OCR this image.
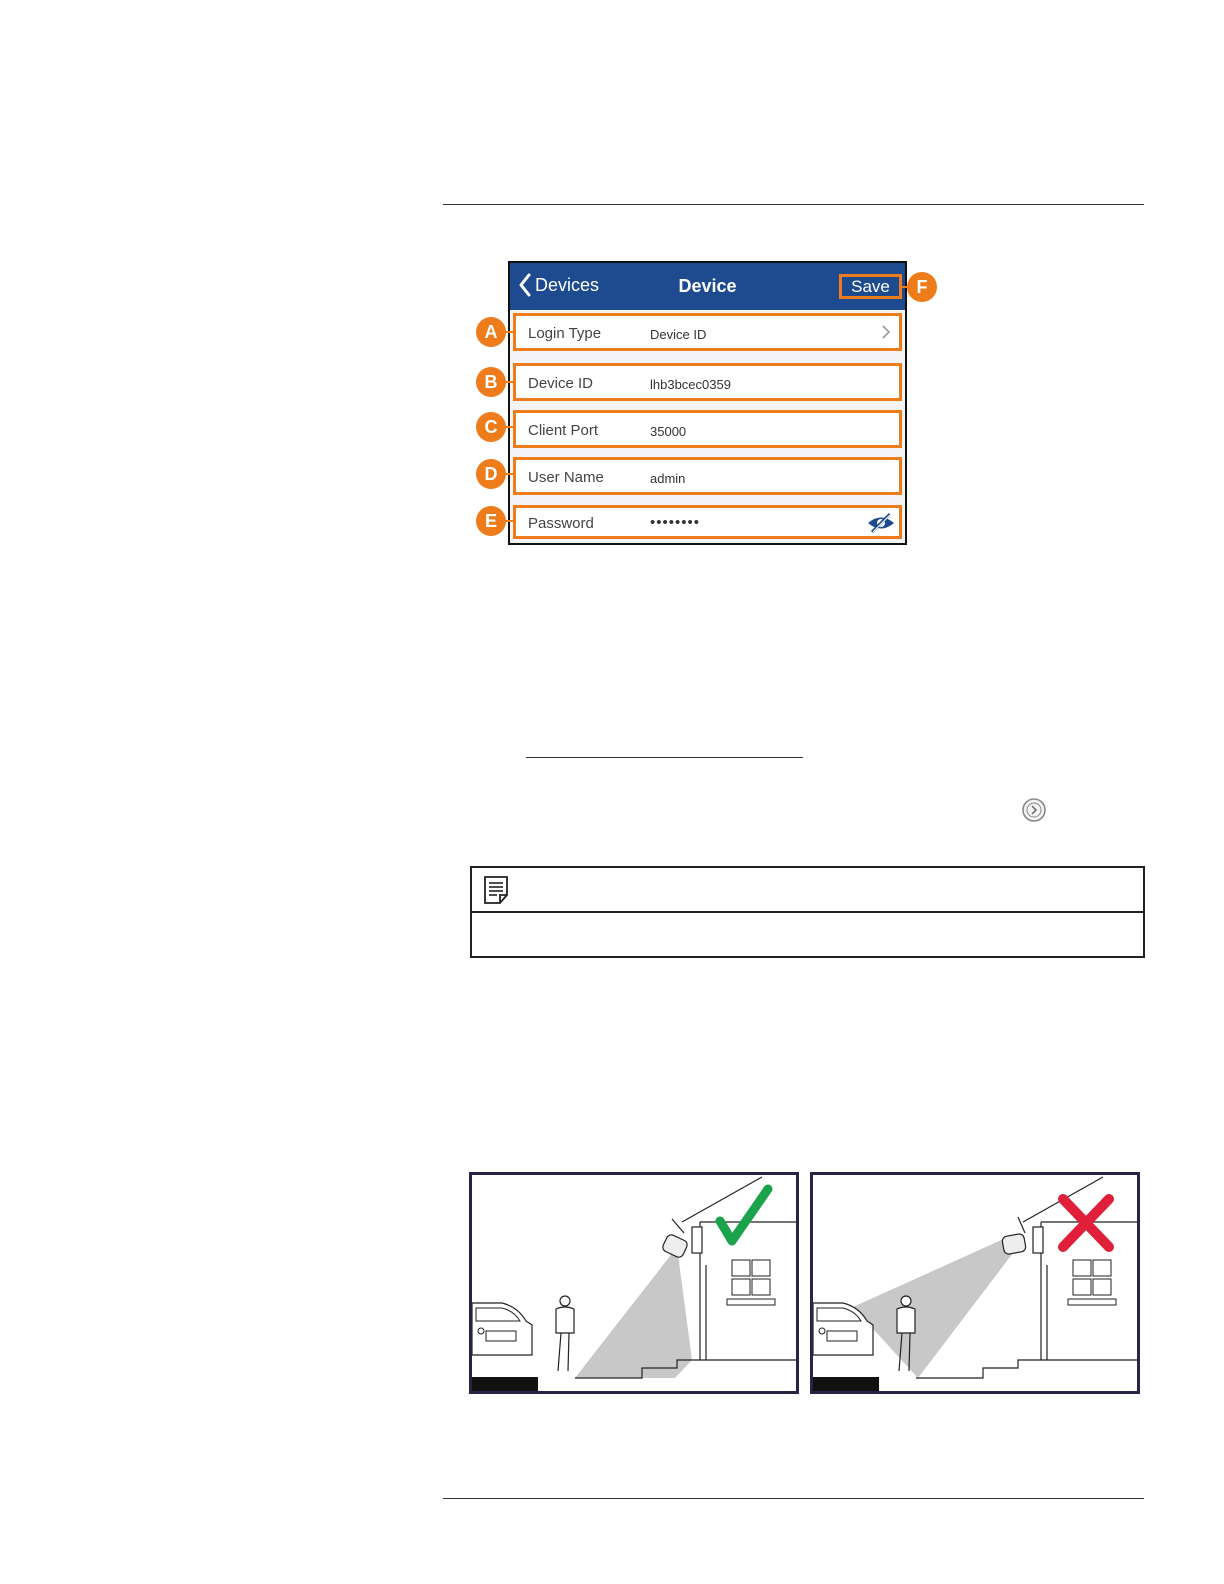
Devices	Device	Save
Login Type	Device ID
Device ID	lhb3bcec0359
Client Port	35000
User Name	admin
Password	••••••••
A
B
C
D
E
F
